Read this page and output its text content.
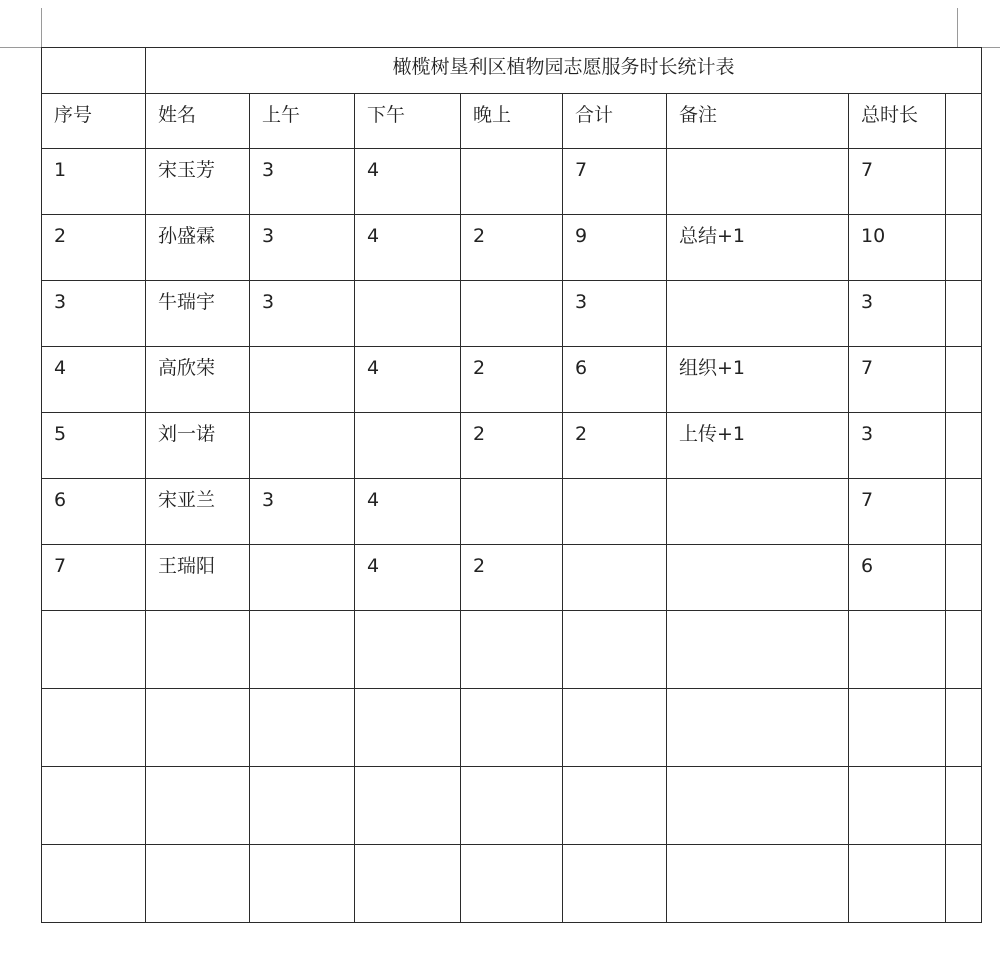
	橄榄树垦利区植物园志愿服务时长统计表							

序号	姓名	上午	下午	晚上	合计	备注	总时长	

1	宋玉芳	3	4		7		7	

2	孙盛霖	3	4	2	9	总结+1	10	

3	牛瑞宇	3			3		3	

4	高欣荣		4	2	6	组织+1	7	

5	刘一诺			2	2	上传+1	3	

6	宋亚兰	3	4				7	

7	王瑞阳		4	2			6	
